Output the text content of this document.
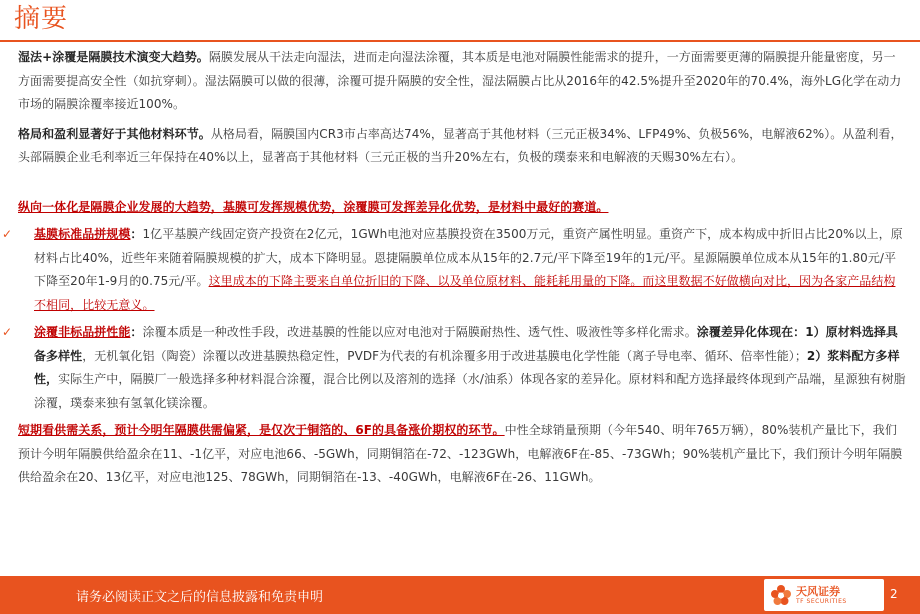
摘要

湿法+涂覆是隔膜技术演变大趋势。隔膜发展从干法走向湿法，进而走向湿法涂覆，其本质是电池对隔膜性能需求的提升，一方面需要更薄的隔膜提升能量密度，另一方面需要提高安全性（如抗穿刺）。湿法隔膜可以做的很薄，涂覆可提升隔膜的安全性，湿法隔膜占比从2016年的42.5%提升至2020年的70.4%，海外LG化学在动力市场的隔膜涂覆率接近100%。

格局和盈利显著好于其他材料环节。从格局看，隔膜国内CR3市占率高达74%，显著高于其他材料（三元正极34%、LFP49%、负极56%，电解液62%）。从盈利看，头部隔膜企业毛利率近三年保持在40%以上，显著高于其他材料（三元正极的当升20%左右，负极的璞泰来和电解液的天赐30%左右）。

纵向一体化是隔膜企业发展的大趋势，基膜可发挥规模优势，涂覆膜可发挥差异化优势，是材料中最好的赛道。

✓ 基膜标准品拼规模：1亿平基膜产线固定资产投资在2亿元，1GWh电池对应基膜投资在3500万元，重资产属性明显。重资产下，成本构成中折旧占比20%以上，原材料占比40%，近些年来随着隔膜规模的扩大，成本下降明显。恩捷隔膜单位成本从15年的2.7元/平下降至19年的1元/平。星源隔膜单位成本从15年的1.80元/平下降至20年1-9月的0.75元/平。这里成本的下降主要来自单位折旧的下降、以及单位原材料、能耗耗用量的下降。而这里数据不好做横向对比，因为各家产品结构不相同，比较无意义。

✓ 涂覆非标品拼性能：涂覆本质是一种改性手段，改进基膜的性能以应对电池对于隔膜耐热性、透气性、吸液性等多样化需求。涂覆差异化体现在：1）原材料选择具备多样性，无机氧化铝（陶瓷）涂覆以改进基膜热稳定性，PVDF为代表的有机涂覆多用于改进基膜电化学性能（离子导电率、循环、倍率性能）；2）浆料配方多样性，实际生产中，隔膜厂一般选择多种材料混合涂覆，混合比例以及溶剂的选择（水/油系）体现各家的差异化。原材料和配方选择最终体现到产品端，星源独有树脂涂覆，璞泰来独有氢氧化镁涂覆。

短期看供需关系，预计今明年隔膜供需偏紧，是仅次于铜箔的、6F的具备涨价期权的环节。中性全球销量预期（今年540、明年765万辆），80%装机产量比下，我们预计今明年隔膜供给盈余在11、-1亿平，对应电池66、-5GWh，同期铜箔在-72、-123GWh，电解液6F在-85、-73GWh；90%装机产量比下，我们预计今明年隔膜供给盈余在20、13亿平，对应电池125、78GWh，同期铜箔在-13、-40GWh，电解液6F在-26、11GWh。

请务必阅读正文之后的信息披露和免责申明	天风证券
TF SECURITIES
2
